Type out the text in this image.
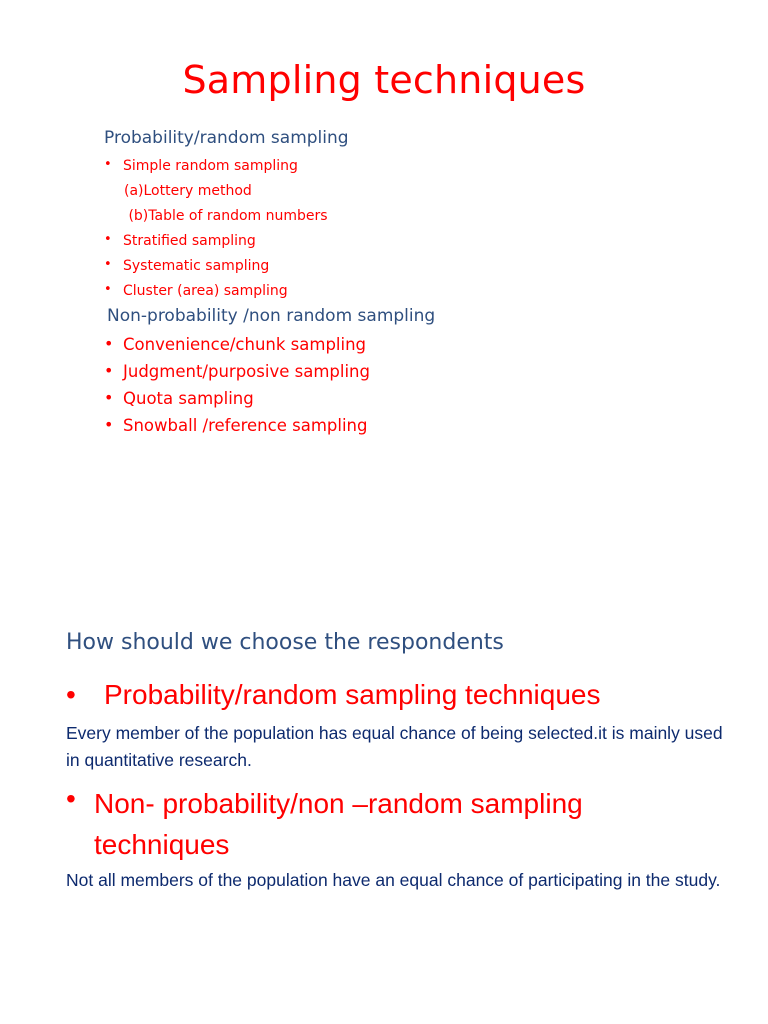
Sampling techniques
Probability/random sampling
• Simple random sampling
(a)Lottery method
(b)Table of random numbers
• Stratified sampling
• Systematic sampling
• Cluster (area) sampling
Non-probability /non random sampling
• Convenience/chunk sampling
• Judgment/purposive sampling
• Quota sampling
• Snowball /reference sampling
How should we choose the respondents
• Probability/random sampling techniques
Every member of the population has equal chance of being selected.it is mainly used in quantitative research.
• Non- probability/non –random sampling techniques
Not all members of the population have an equal chance of participating in the study.
